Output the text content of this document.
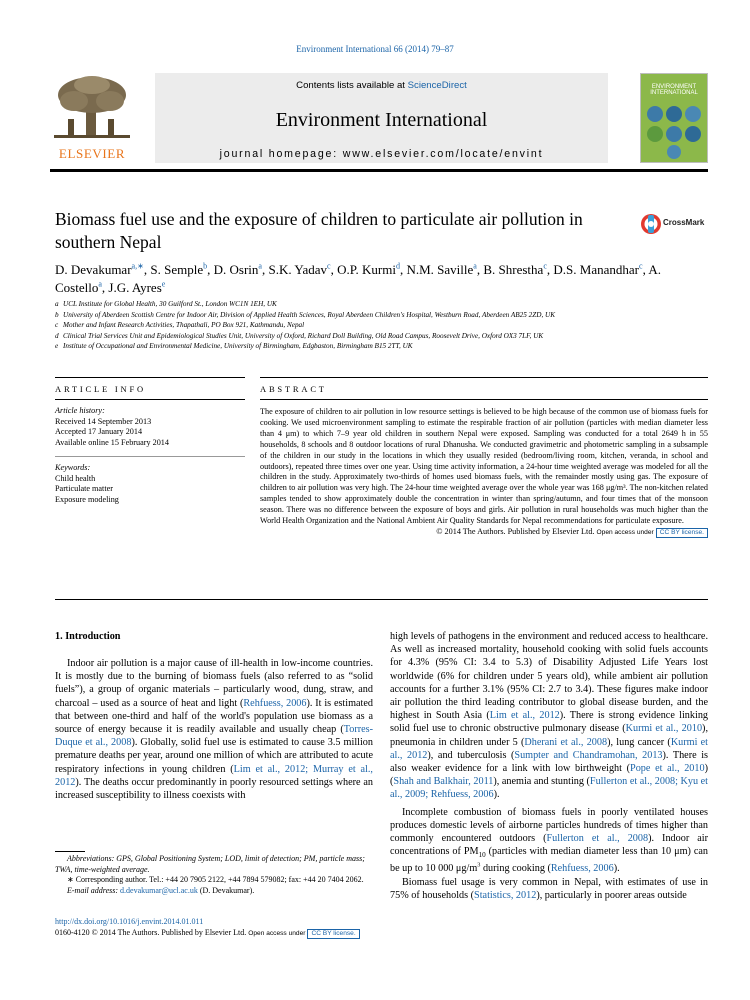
Environment International 66 (2014) 79–87
ELSEVIER
Contents lists available at ScienceDirect
Environment International
journal homepage: www.elsevier.com/locate/envint
ENVIRONMENT INTERNATIONAL
Biomass fuel use and the exposure of children to particulate air pollution in southern Nepal
CrossMark
D. Devakumar$^{a,∗}$, S. Semple$^b$, D. Osrin$^a$, S.K. Yadav$^c$, O.P. Kurmi$^d$, N.M. Saville$^a$, B. Shrestha$^c$, D.S. Manandhar$^c$, A. Costello$^a$, J.G. Ayres$^e$
a UCL Institute for Global Health, 30 Guilford St., London WC1N 1EH, UK
b University of Aberdeen Scottish Centre for Indoor Air, Division of Applied Health Sciences, Royal Aberdeen Children's Hospital, Westburn Road, Aberdeen AB25 2ZD, UK
c Mother and Infant Research Activities, Thapathali, PO Box 921, Kathmandu, Nepal
d Clinical Trial Services Unit and Epidemiological Studies Unit, University of Oxford, Richard Doll Building, Old Road Campus, Roosevelt Drive, Oxford OX3 7LF, UK
e Institute of Occupational and Environmental Medicine, University of Birmingham, Edgbaston, Birmingham B15 2TT, UK
ARTICLE INFO	ABSTRACT
Article history:
Received 14 September 2013
Accepted 17 January 2014
Available online 15 February 2014
Keywords:
Child health
Particulate matter
Exposure modeling
The exposure of children to air pollution in low resource settings is believed to be high because of the common use of biomass fuels for cooking. We used microenvironment sampling to estimate the respirable fraction of air pollution (particles with median diameter less than 4 μm) to which 7–9 year old children in southern Nepal were exposed. Sampling was conducted for a total 2649 h in 55 households, 8 schools and 8 outdoor locations of rural Dhanusha. We conducted gravimetric and photometric sampling in a subsample of the children in our study in the locations in which they usually resided (bedroom/living room, kitchen, veranda, in school and outdoors), repeated three times over one year. Using time activity information, a 24-hour time weighted average was modeled for all the children in the study. Approximately two-thirds of homes used biomass fuels, with the remainder mostly using gas. The exposure of children to air pollution was very high. The 24-hour time weighted average over the whole year was 168 μg/m³. The non-kitchen related samples tended to show approximately double the concentration in winter than spring/autumn, and four times that of the monsoon season. There was no difference between the exposure of boys and girls. Air pollution in rural households was much higher than the World Health Organization and the National Ambient Air Quality Standards for Nepal recommendations for particulate exposure.
© 2014 The Authors. Published by Elsevier Ltd. Open access under CC BY license.
1. Introduction

Indoor air pollution is a major cause of ill-health in low-income countries. It is mostly due to the burning of biomass fuels (also referred to as “solid fuels”), a group of organic materials – particularly wood, dung, straw, and charcoal – used as a source of heat and light (Rehfuess, 2006). It is estimated that between one-third and half of the world's population use biomass as a source of energy because it is readily available and usually cheap (Torres-Duque et al., 2008). Globally, solid fuel use is estimated to cause 3.5 million premature deaths per year, around one million of which are attributed to acute respiratory infections in young children (Lim et al., 2012; Murray et al., 2012). The deaths occur predominantly in poorly resourced settings where an increased susceptibility to illness coexists with

Abbreviations: GPS, Global Positioning System; LOD, limit of detection; PM, particle mass; TWA, time-weighted average.
∗ Corresponding author. Tel.: +44 20 7905 2122, +44 7894 579082; fax: +44 20 7404 2062.
E-mail address: d.devakumar@ucl.ac.uk (D. Devakumar).
http://dx.doi.org/10.1016/j.envint.2014.01.011
0160-4120 © 2014 The Authors. Published by Elsevier Ltd. Open access under CC BY license.

high levels of pathogens in the environment and reduced access to healthcare. As well as increased mortality, household cooking with solid fuels accounts for 4.3% (95% CI: 3.4 to 5.3) of Disability Adjusted Life Years lost worldwide (6% for children under 5 years old), while ambient air pollution accounts for a further 3.1% (95% CI: 2.7 to 3.4). These figures make indoor air pollution the third leading contributor to global disease burden, and the highest in South Asia (Lim et al., 2012). There is strong evidence linking solid fuel use to chronic obstructive pulmonary disease (Kurmi et al., 2010), pneumonia in children under 5 (Dherani et al., 2008), lung cancer (Kurmi et al., 2012), and tuberculosis (Sumpter and Chandramohan, 2013). There is also weaker evidence for a link with low birthweight (Pope et al., 2010) (Shah and Balkhair, 2011), anemia and stunting (Fullerton et al., 2008; Kyu et al., 2009; Rehfuess, 2006).

Incomplete combustion of biomass fuels in poorly ventilated houses produces domestic levels of airborne particles hundreds of times higher than commonly encountered outdoors (Fullerton et al., 2008). Indoor air concentrations of $PM_{10}$ (particles with median diameter less than 10 μm) can be up to 10 000 $\mu g/m^3$ during cooking (Rehfuess, 2006).

Biomass fuel usage is very common in Nepal, with estimates of use in 75% of households (Statistics, 2012), particularly in poorer areas outside
